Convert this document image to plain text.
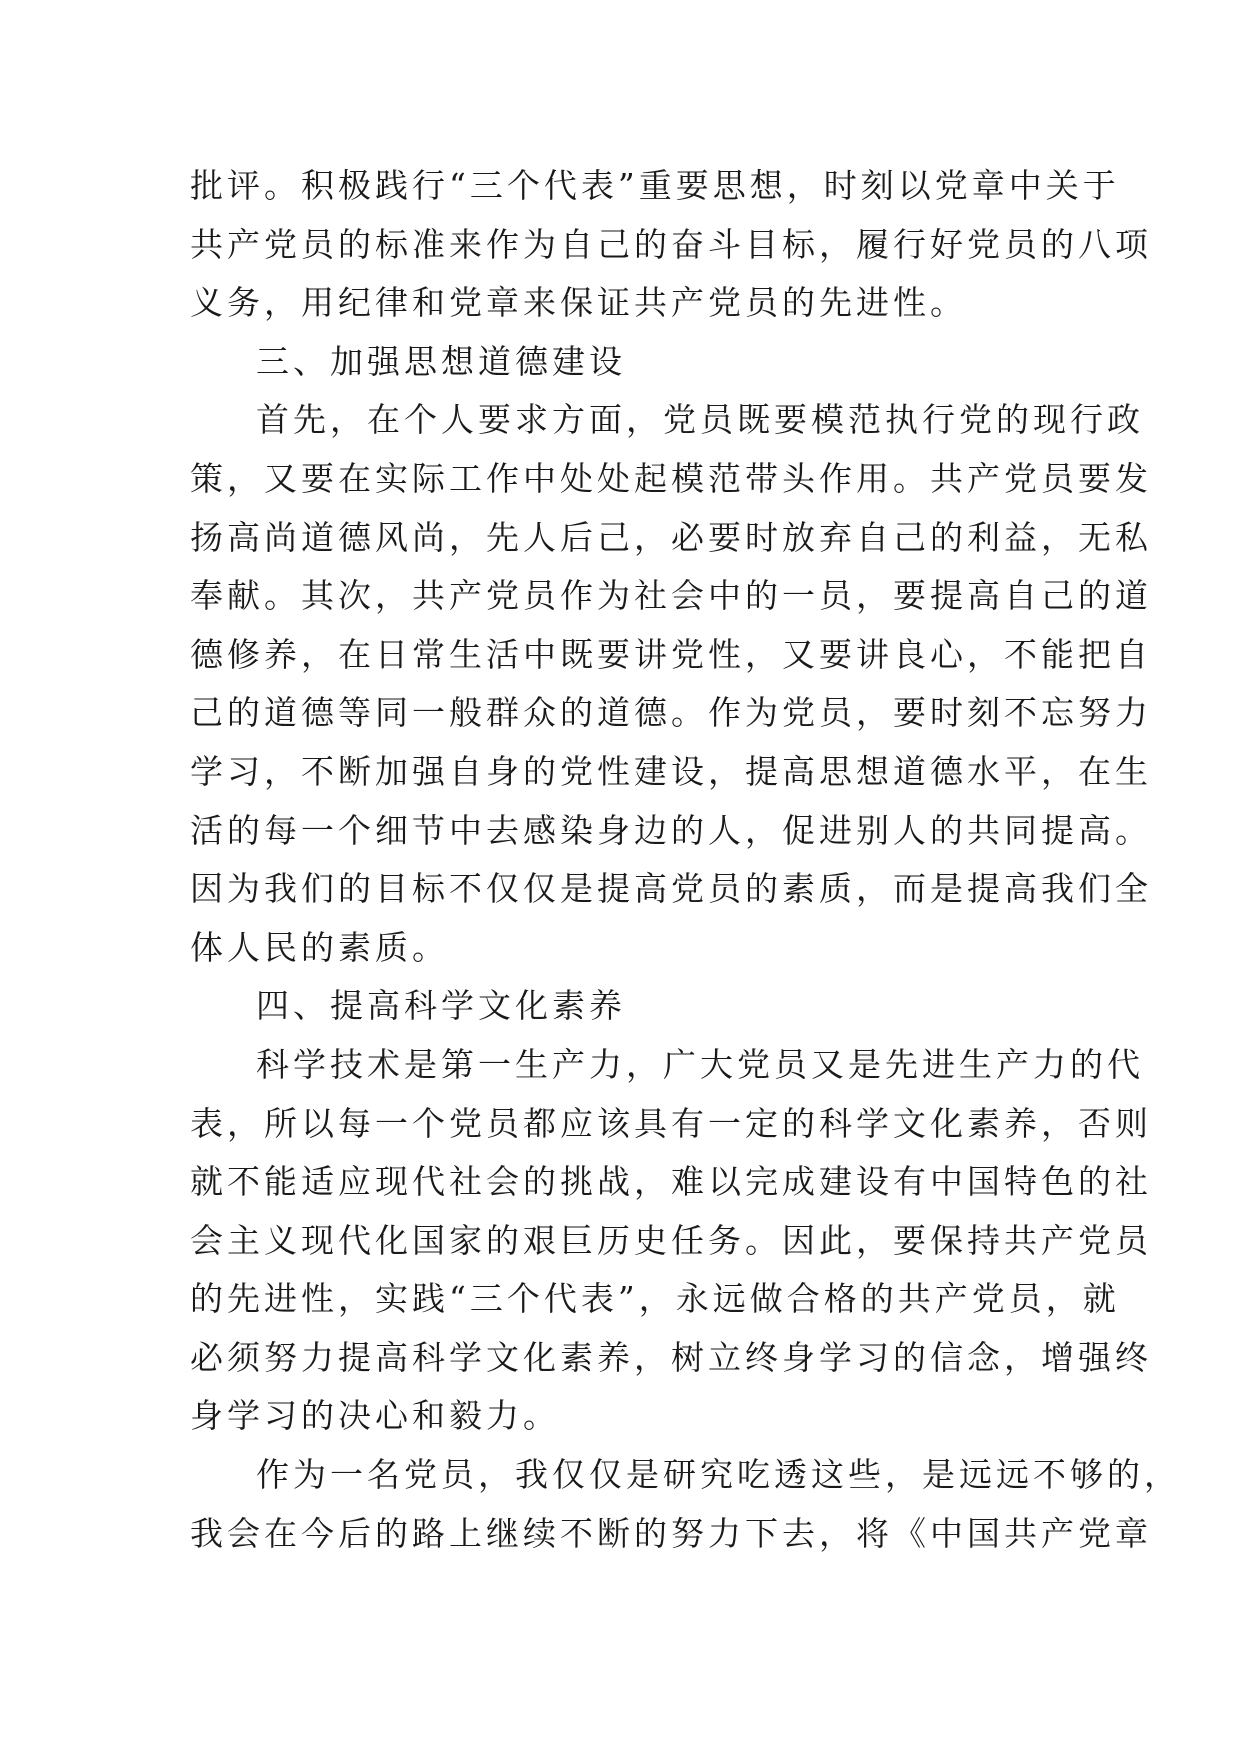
批评。积极践行“三个代表”重要思想，时刻以党章中关于
共产党员的标准来作为自己的奋斗目标，履行好党员的八项
义务，用纪律和党章来保证共产党员的先进性。
三、加强思想道德建设
首先，在个人要求方面，党员既要模范执行党的现行政
策，又要在实际工作中处处起模范带头作用。共产党员要发
扬高尚道德风尚，先人后己，必要时放弃自己的利益，无私
奉献。其次，共产党员作为社会中的一员，要提高自己的道
德修养，在日常生活中既要讲党性，又要讲良心，不能把自
己的道德等同一般群众的道德。作为党员，要时刻不忘努力
学习，不断加强自身的党性建设，提高思想道德水平，在生
活的每一个细节中去感染身边的人，促进别人的共同提高。
因为我们的目标不仅仅是提高党员的素质，而是提高我们全
体人民的素质。
四、提高科学文化素养
科学技术是第一生产力，广大党员又是先进生产力的代
表，所以每一个党员都应该具有一定的科学文化素养，否则
就不能适应现代社会的挑战，难以完成建设有中国特色的社
会主义现代化国家的艰巨历史任务。因此，要保持共产党员
的先进性，实践“三个代表”，永远做合格的共产党员，就
必须努力提高科学文化素养，树立终身学习的信念，增强终
身学习的决心和毅力。
作为一名党员，我仅仅是研究吃透这些，是远远不够的，
我会在今后的路上继续不断的努力下去，将《中国共产党章
